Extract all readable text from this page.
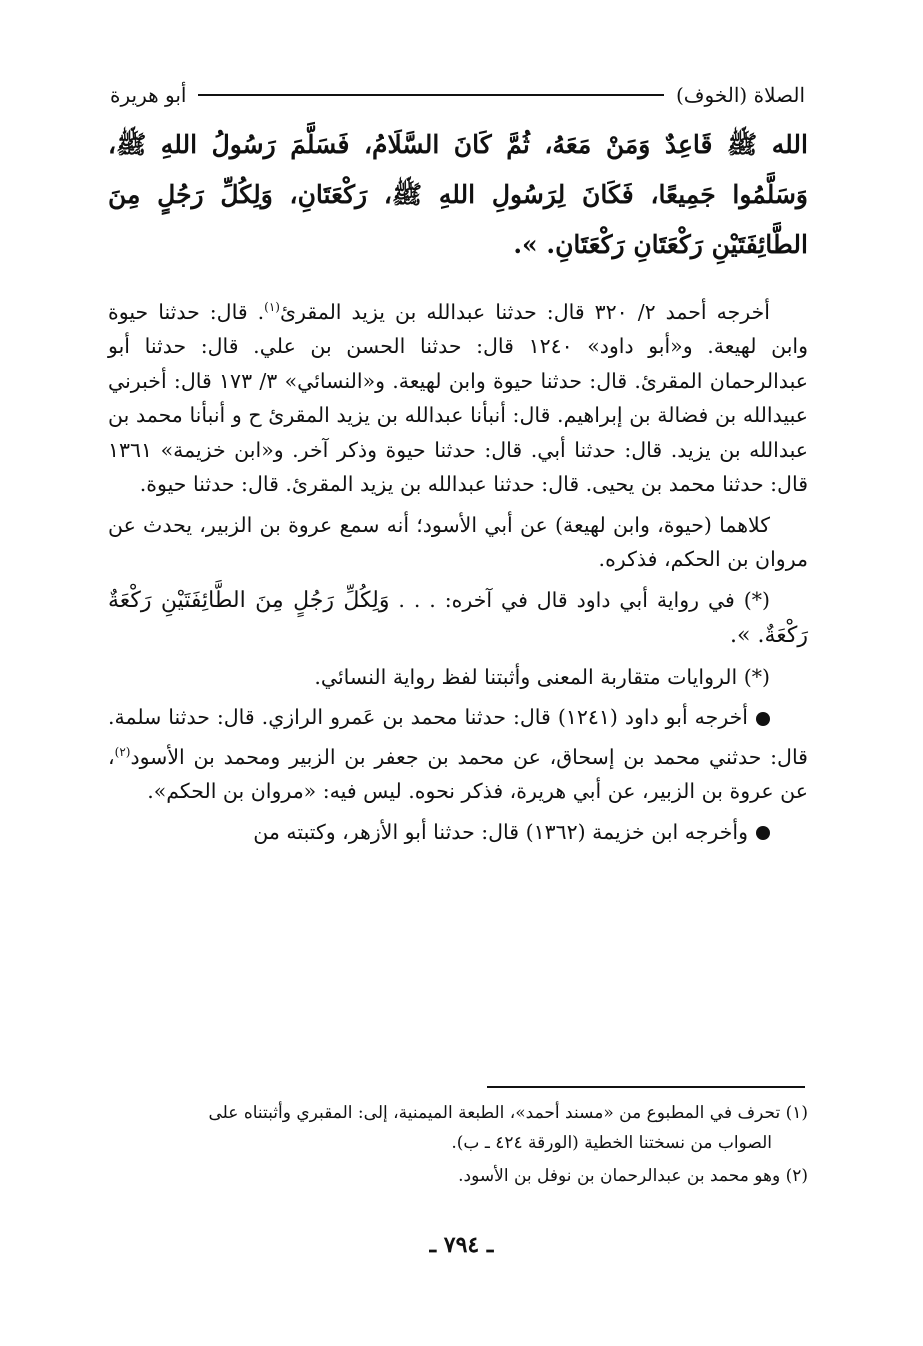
الصلاة (الخوف)
أبو هريرة

الله ﷺ قَاعِدٌ وَمَنْ مَعَهُ، ثُمَّ كَانَ السَّلَامُ، فَسَلَّمَ رَسُولُ اللهِ ﷺ، وَسَلَّمُوا جَمِيعًا، فَكَانَ لِرَسُولِ اللهِ ﷺ، رَكْعَتَانِ، وَلِكُلِّ رَجُلٍ مِنَ الطَّائِفَتَيْنِ رَكْعَتَانِ رَكْعَتَانِ. ».

أخرجه أحمد ٢/ ٣٢٠ قال: حدثنا عبدالله بن يزيد المقرئ$^{(١)}$. قال: حدثنا حيوة وابن لهيعة. و«أبو داود» ١٢٤٠ قال: حدثنا الحسن بن علي. قال: حدثنا أبو عبدالرحمان المقرئ. قال: حدثنا حيوة وابن لهيعة. و«النسائي» ٣/ ١٧٣ قال: أخبرني عبيدالله بن فضالة بن إبراهيم. قال: أنبأنا عبدالله بن يزيد المقرئ ح و أنبأنا محمد بن عبدالله بن يزيد. قال: حدثنا أبي. قال: حدثنا حيوة وذكر آخر. و«ابن خزيمة» ١٣٦١ قال: حدثنا محمد بن يحيى. قال: حدثنا عبدالله بن يزيد المقرئ. قال: حدثنا حيوة.

كلاهما (حيوة، وابن لهيعة) عن أبي الأسود؛ أنه سمع عروة بن الزبير، يحدث عن مروان بن الحكم، فذكره.

(*) في رواية أبي داود قال في آخره: . . . وَلِكُلِّ رَجُلٍ مِنَ الطَّائِفَتَيْنِ رَكْعَةٌ رَكْعَةٌ. ».

(*) الروايات متقاربة المعنى وأثبتنا لفظ رواية النسائي.

أخرجه أبو داود (١٢٤١) قال: حدثنا محمد بن عَمرو الرازي. قال: حدثنا سلمة. قال: حدثني محمد بن إسحاق، عن محمد بن جعفر بن الزبير ومحمد بن الأسود$^{(٢)}$، عن عروة بن الزبير، عن أبي هريرة، فذكر نحوه. ليس فيه: «مروان بن الحكم».

وأخرجه ابن خزيمة (١٣٦٢) قال: حدثنا أبو الأزهر، وكتبته من

(١) تحرف في المطبوع من «مسند أحمد»، الطبعة الميمنية، إلى: المقبري وأثبتناه على
الصواب من نسختنا الخطية (الورقة ٤٢٤ ـ ب).
(٢) وهو محمد بن عبدالرحمان بن نوفل بن الأسود.
ـ ٧٩٤ ـ
